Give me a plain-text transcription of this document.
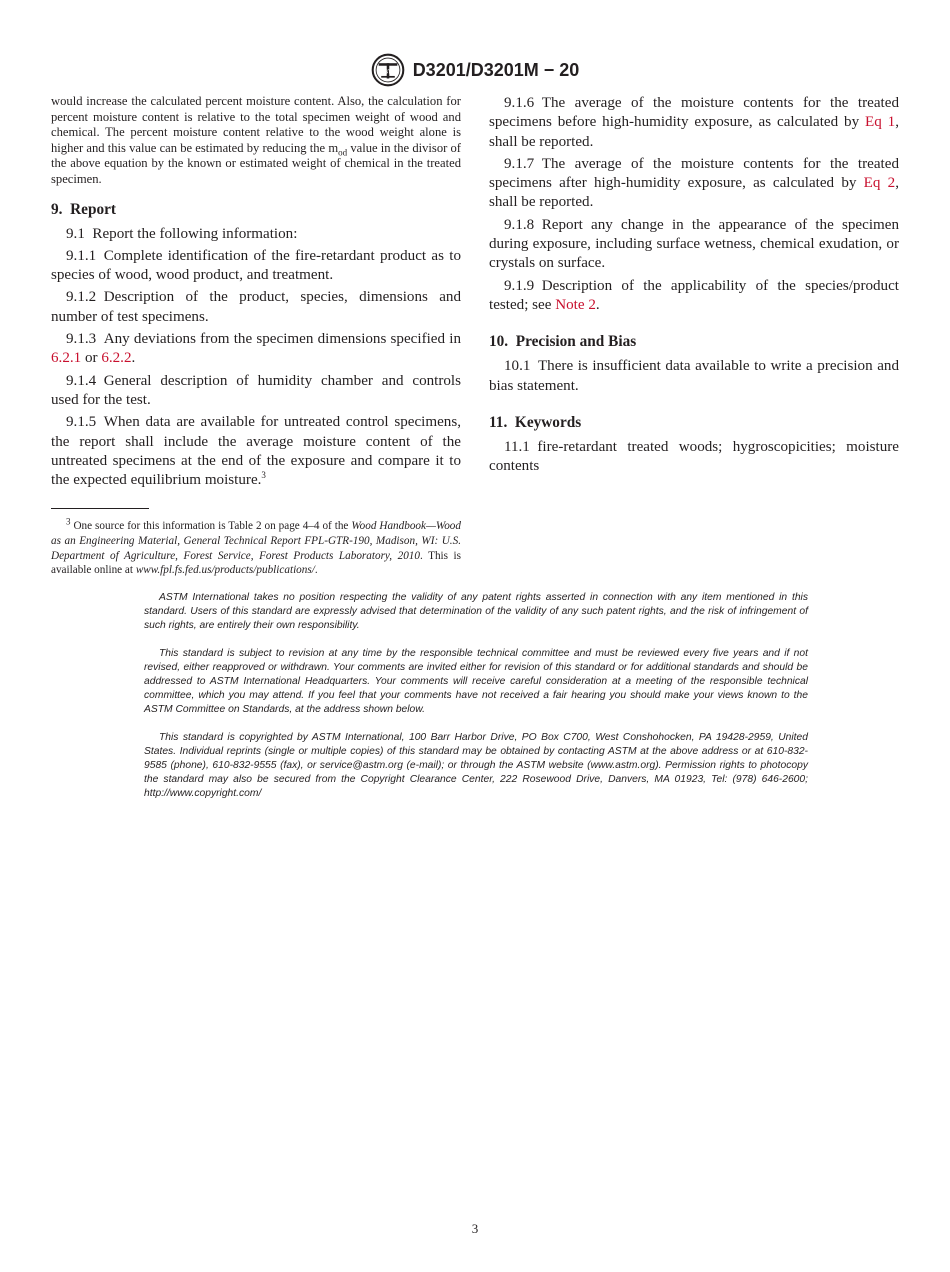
ASTM D3201/D3201M − 20

would increase the calculated percent moisture content. Also, the calculation for percent moisture content is relative to the total specimen weight of wood and chemical. The percent moisture content relative to the wood weight alone is higher and this value can be estimated by reducing the $m_{od}$ value in the divisor of the above equation by the known or estimated weight of chemical in the treated specimen.

9. Report

9.1 Report the following information:

9.1.1 Complete identification of the fire-retardant product as to species of wood, wood product, and treatment.

9.1.2 Description of the product, species, dimensions and number of test specimens.

9.1.3 Any deviations from the specimen dimensions specified in 6.2.1 or 6.2.2.

9.1.4 General description of humidity chamber and controls used for the test.

9.1.5 When data are available for untreated control specimens, the report shall include the average moisture content of the untreated specimens at the end of the exposure and compare it to the expected equilibrium moisture.$^3$

$^3$ One source for this information is Table 2 on page 4–4 of the Wood Handbook—Wood as an Engineering Material, General Technical Report FPL-GTR-190, Madison, WI: U.S. Department of Agriculture, Forest Service, Forest Products Laboratory, 2010. This is available online at www.fpl.fs.fed.us/products/publications/.

9.1.6 The average of the moisture contents for the treated specimens before high-humidity exposure, as calculated by Eq 1, shall be reported.

9.1.7 The average of the moisture contents for the treated specimens after high-humidity exposure, as calculated by Eq 2, shall be reported.

9.1.8 Report any change in the appearance of the specimen during exposure, including surface wetness, chemical exudation, or crystals on surface.

9.1.9 Description of the applicability of the species/product tested; see Note 2.

10. Precision and Bias

10.1 There is insufficient data available to write a precision and bias statement.

11. Keywords

11.1 fire-retardant treated woods; hygroscopicities; moisture contents

ASTM International takes no position respecting the validity of any patent rights asserted in connection with any item mentioned in this standard. Users of this standard are expressly advised that determination of the validity of any such patent rights, and the risk of infringement of such rights, are entirely their own responsibility.

This standard is subject to revision at any time by the responsible technical committee and must be reviewed every five years and if not revised, either reapproved or withdrawn. Your comments are invited either for revision of this standard or for additional standards and should be addressed to ASTM International Headquarters. Your comments will receive careful consideration at a meeting of the responsible technical committee, which you may attend. If you feel that your comments have not received a fair hearing you should make your views known to the ASTM Committee on Standards, at the address shown below.

This standard is copyrighted by ASTM International, 100 Barr Harbor Drive, PO Box C700, West Conshohocken, PA 19428-2959, United States. Individual reprints (single or multiple copies) of this standard may be obtained by contacting ASTM at the above address or at 610-832-9585 (phone), 610-832-9555 (fax), or service@astm.org (e-mail); or through the ASTM website (www.astm.org). Permission rights to photocopy the standard may also be secured from the Copyright Clearance Center, 222 Rosewood Drive, Danvers, MA 01923, Tel: (978) 646-2600; http://www.copyright.com/

3
